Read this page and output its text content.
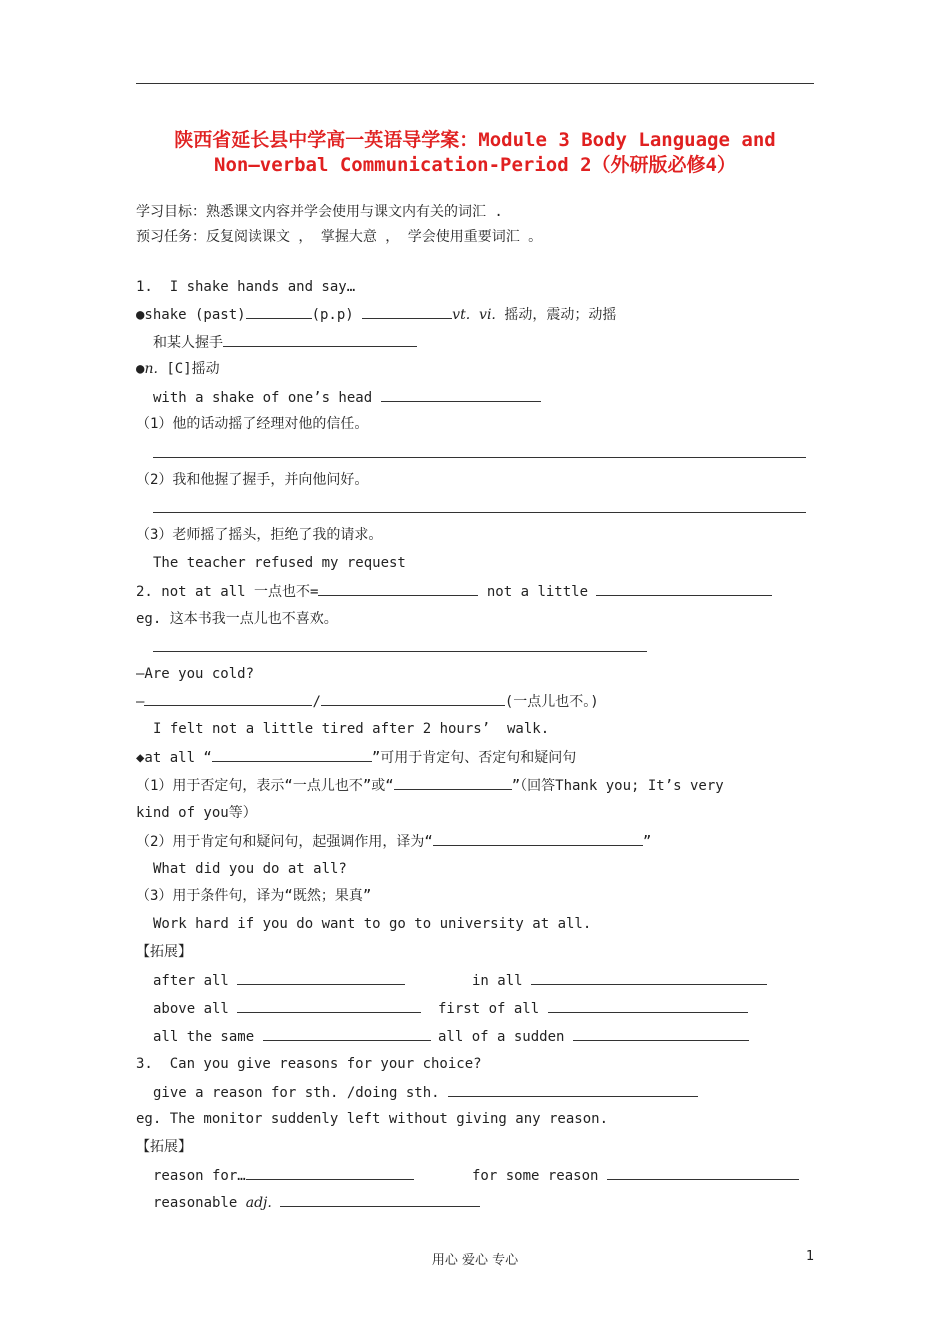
陕西省延长县中学高一英语导学案：Module 3 Body Language and
Non—verbal Communication-Period 2（外研版必修4）
学习目标：熟悉课文内容并学会使用与课文内有关的词汇 .
预习任务：反复阅读课文 ， 掌握大意 ， 学会使用重要词汇 。
1.  I shake hands and say…
●shake (past)	(p.p)	vt.  vi. 摇动，震动；动摇
和某人握手
●n. [C]摇动
with a shake of one’s head
（1）他的话动摇了经理对他的信任。
（2）我和他握了握手，并向他问好。
（3）老师摇了摇头，拒绝了我的请求。
The teacher refused my request
2. not at all 一点也不=	not a little
eg. 这本书我一点儿也不喜欢。
—Are you cold?
—	/	(一点儿也不。)
I felt not a little tired after 2 hours’  walk.
◆at all “	”可用于肯定句、否定句和疑问句
（1）用于否定句，表示“一点儿也不”或“	”（回答Thank you; It’s very
kind of you等）
（2）用于肯定句和疑问句，起强调作用，译为“	”
What did you do at all?
（3）用于条件句，译为“既然；果真”
Work hard if you do want to go to university at all.
【拓展】
after all	in all
above all	first of all
all the same	all of a sudden
3.  Can you give reasons for your choice?
give a reason for sth. /doing sth.
eg. The monitor suddenly left without giving any reason.
【拓展】
reason for…	for some reason
reasonable adj.
用心 爱心 专心	1
